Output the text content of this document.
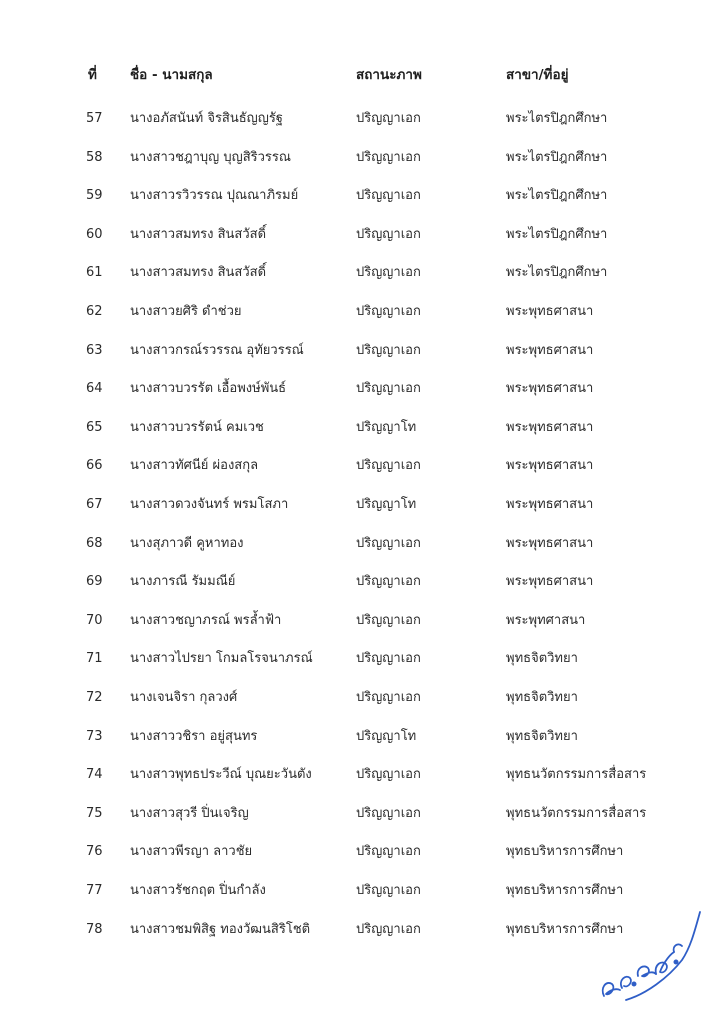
ที่ ชื่อ - นามสกุล	สถานะภาพ	สาขา/ที่อยู่
57 นางอภัสนันท์ จิรสินธัญญรัฐ	ปริญญาเอก	พระไตรปิฎกศึกษา
58 นางสาวชฎาบุญ บุญสิริวรรณ	ปริญญาเอก	พระไตรปิฎกศึกษา
59 นางสาวรวิวรรณ ปุณณาภิรมย์	ปริญญาเอก	พระไตรปิฎกศึกษา
60 นางสาวสมทรง สินสวัสดิ์	ปริญญาเอก	พระไตรปิฎกศึกษา
61 นางสาวสมทรง สินสวัสดิ์	ปริญญาเอก	พระไตรปิฎกศึกษา
62 นางสาวยศิริ ดำช่วย	ปริญญาเอก	พระพุทธศาสนา
63 นางสาวกรณ์รวรรณ อุทัยวรรณ์	ปริญญาเอก	พระพุทธศาสนา
64 นางสาวบวรรัต เอื้อพงษ์พันธ์	ปริญญาเอก	พระพุทธศาสนา
65 นางสาวบวรรัตน์ คมเวช	ปริญญาโท	พระพุทธศาสนา
66 นางสาวทัศนีย์ ผ่องสกุล	ปริญญาเอก	พระพุทธศาสนา
67 นางสาวดวงจันทร์ พรมโสภา	ปริญญาโท	พระพุทธศาสนา
68 นางสุภาวดี คูหาทอง	ปริญญาเอก	พระพุทธศาสนา
69 นางภารณี รัมมณีย์	ปริญญาเอก	พระพุทธศาสนา
70 นางสาวชญาภรณ์ พรล้ำฟ้า	ปริญญาเอก	พระพุทศาสนา
71 นางสาวไปรยา โกมลโรจนาภรณ์	ปริญญาเอก	พุทธจิตวิทยา
72 นางเจนจิรา กุลวงศ์	ปริญญาเอก	พุทธจิตวิทยา
73 นางสาววชิรา อยู่สุนทร	ปริญญาโท	พุทธจิตวิทยา
74 นางสาวพุทธประวีณ์ บุณยะวันตัง	ปริญญาเอก	พุทธนวัตกรรมการสื่อสาร
75 นางสาวสุวรี ปิ่นเจริญ	ปริญญาเอก	พุทธนวัตกรรมการสื่อสาร
76 นางสาวพีรญา ลาวชัย	ปริญญาเอก	พุทธบริหารการศึกษา
77 นางสาวรัชกฤต ปิ่นกำลัง	ปริญญาเอก	พุทธบริหารการศึกษา
78 นางสาวชมพิสิฐ ทองวัฒนสิริโชติ	ปริญญาเอก	พุทธบริหารการศึกษา
